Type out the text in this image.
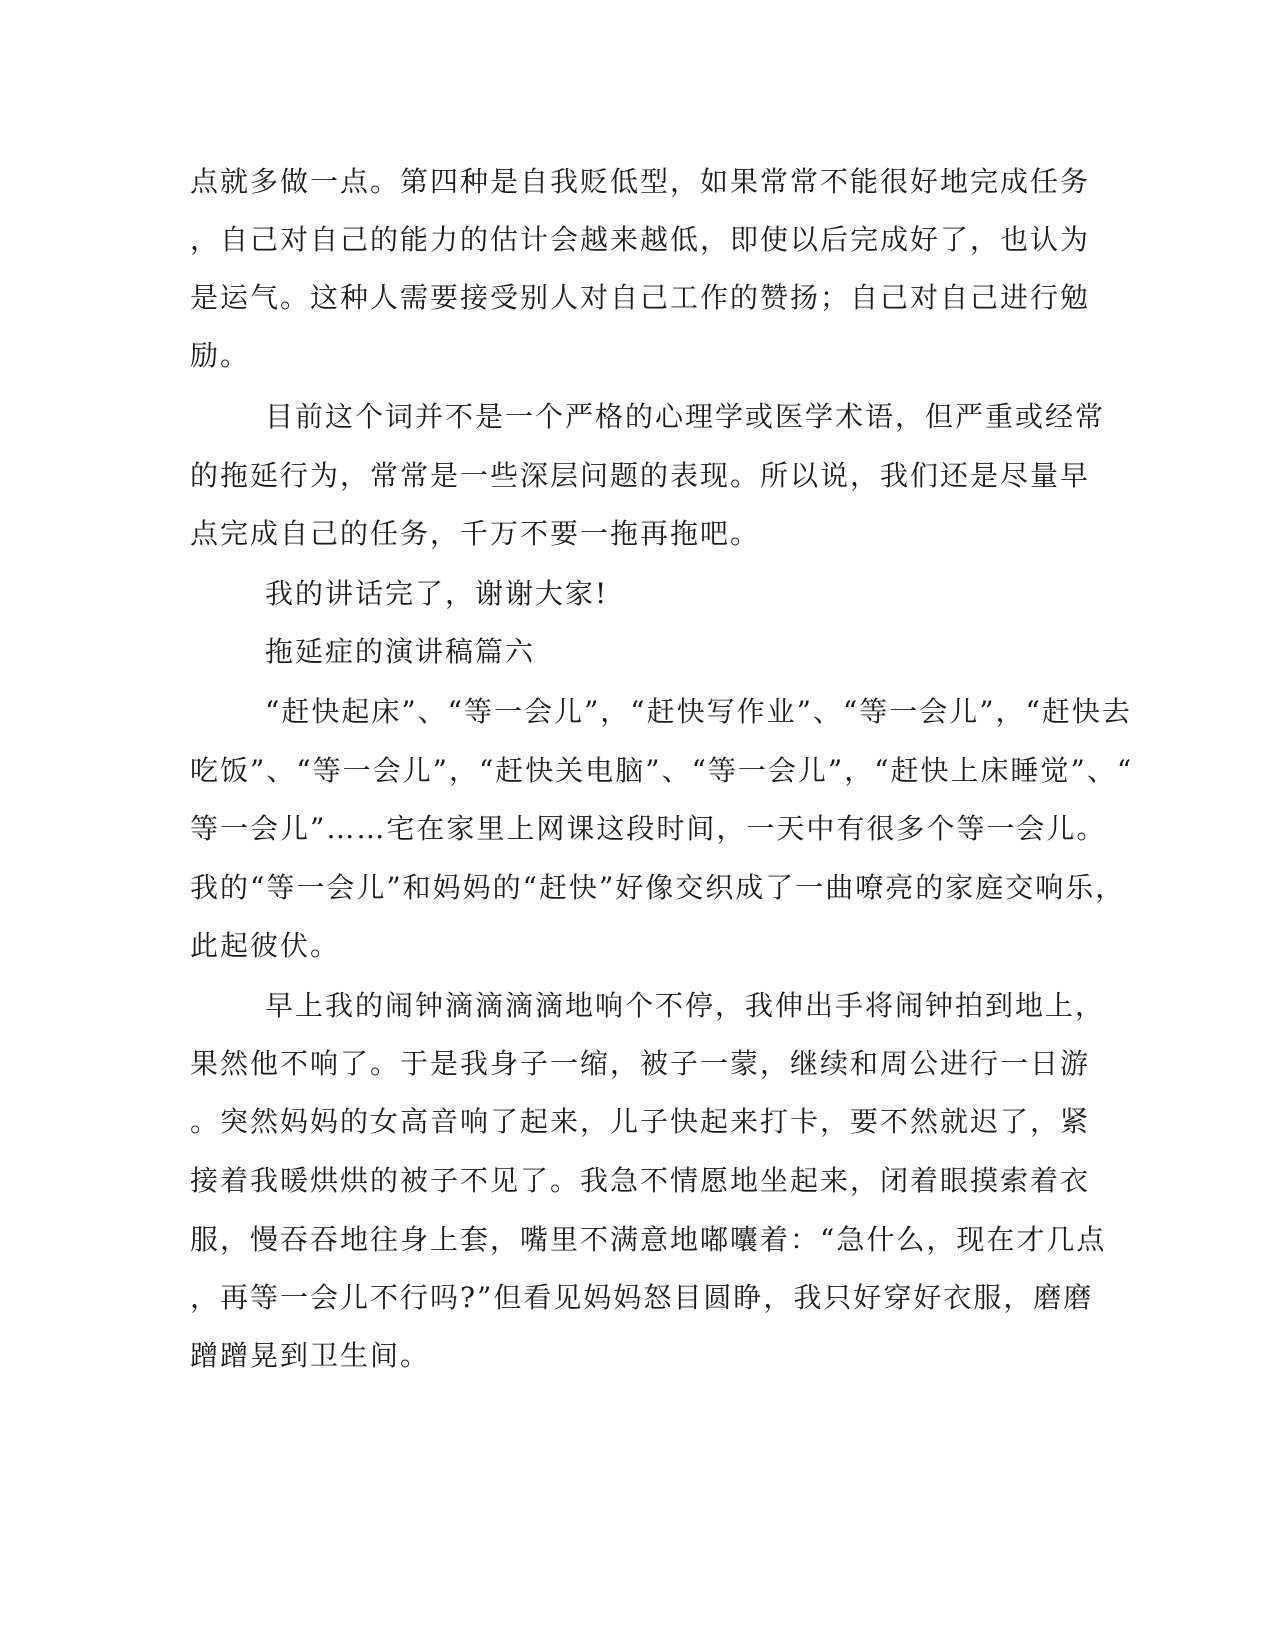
点就多做一点。第四种是自我贬低型，如果常常不能很好地完成任务

，自己对自己的能力的估计会越来越低，即使以后完成好了，也认为

是运气。这种人需要接受别人对自己工作的赞扬；自己对自己进行勉

励。

目前这个词并不是一个严格的心理学或医学术语，但严重或经常

的拖延行为，常常是一些深层问题的表现。所以说，我们还是尽量早

点完成自己的任务，千万不要一拖再拖吧。

我的讲话完了，谢谢大家!

拖延症的演讲稿篇六

“赶快起床”、“等一会儿”，“赶快写作业”、“等一会儿”，“赶快去

吃饭”、“等一会儿”，“赶快关电脑”、“等一会儿”，“赶快上床睡觉”、“

等一会儿”……宅在家里上网课这段时间，一天中有很多个等一会儿。

我的“等一会儿”和妈妈的“赶快”好像交织成了一曲嘹亮的家庭交响乐，

此起彼伏。

早上我的闹钟滴滴滴滴地响个不停，我伸出手将闹钟拍到地上，

果然他不响了。于是我身子一缩，被子一蒙，继续和周公进行一日游

。突然妈妈的女高音响了起来，儿子快起来打卡，要不然就迟了，紧

接着我暖烘烘的被子不见了。我急不情愿地坐起来，闭着眼摸索着衣

服，慢吞吞地往身上套，嘴里不满意地嘟囔着：“急什么，现在才几点

，再等一会儿不行吗?”但看见妈妈怒目圆睁，我只好穿好衣服，磨磨

蹭蹭晃到卫生间。
